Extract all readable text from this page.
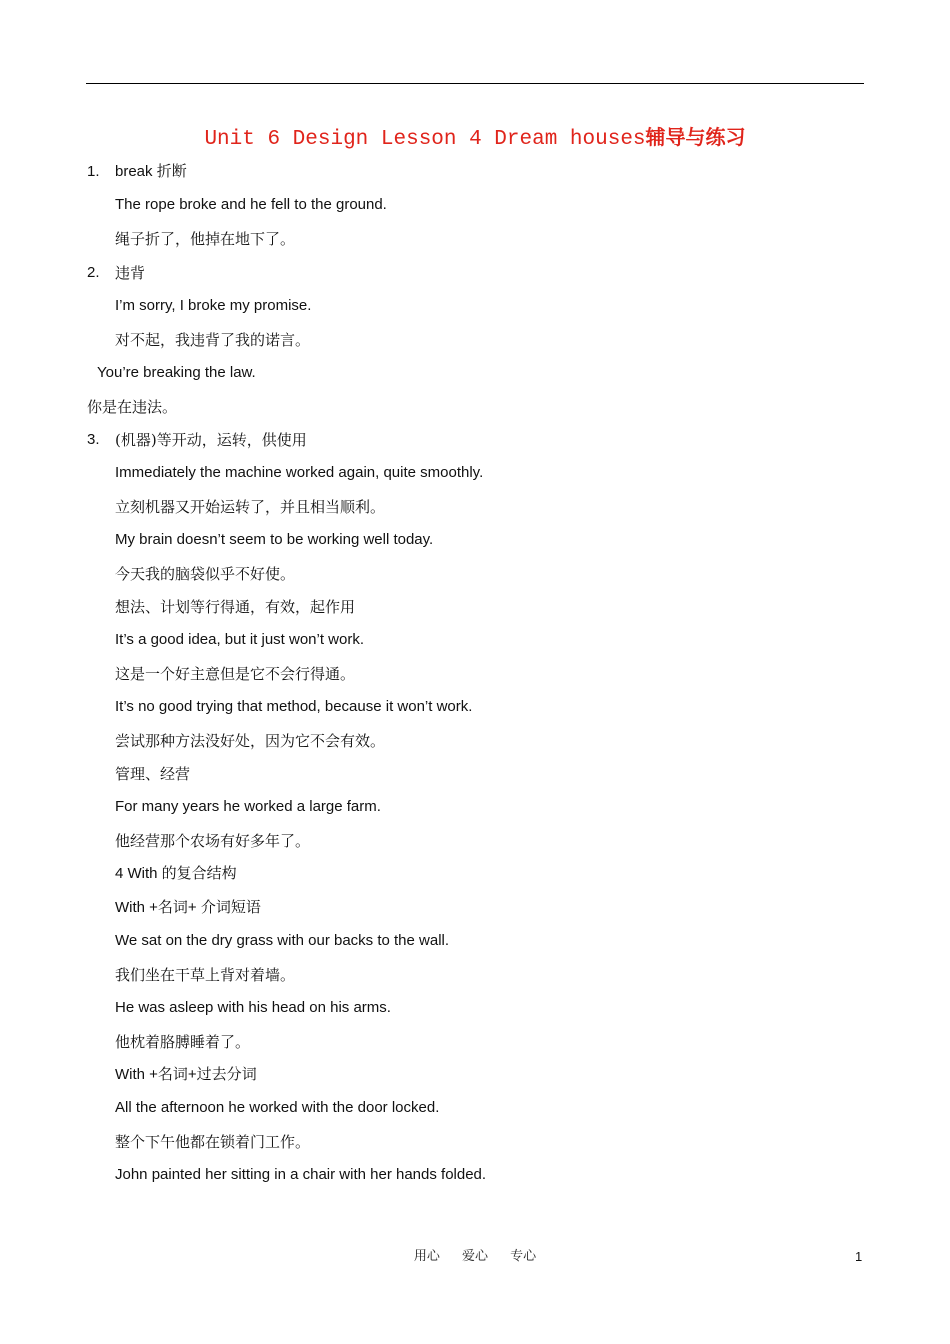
Unit 6 Design Lesson 4 Dream houses辅导与练习
1. break 折断
The rope broke and he fell to the ground.
绳子折了，他掉在地下了。
2. 违背
I’m sorry, I broke my promise.
对不起，我违背了我的诺言。
You’re breaking the law.
你是在违法。
3. (机器)等开动，运转，供使用
Immediately the machine worked again, quite smoothly.
立刻机器又开始运转了，并且相当顺利。
My brain doesn’t seem to be working well today.
今天我的脑袋似乎不好使。
想法、计划等行得通，有效，起作用
It’s a good idea, but it just won’t work.
这是一个好主意但是它不会行得通。
It’s no good trying that method, because it won’t work.
尝试那种方法没好处，因为它不会有效。
管理、经营
For many years he worked a large farm.
他经营那个农场有好多年了。
4 With 的复合结构
With +名词+ 介词短语
We sat on the dry grass with our backs to the wall.
我们坐在干草上背对着墙。
He was asleep with his head on his arms.
他枕着胳膊睡着了。
With +名词+过去分词
All the afternoon he worked with the door locked.
整个下午他都在锁着门工作。
John painted her sitting in a chair with her hands folded.
用心 爱心 专心	1
